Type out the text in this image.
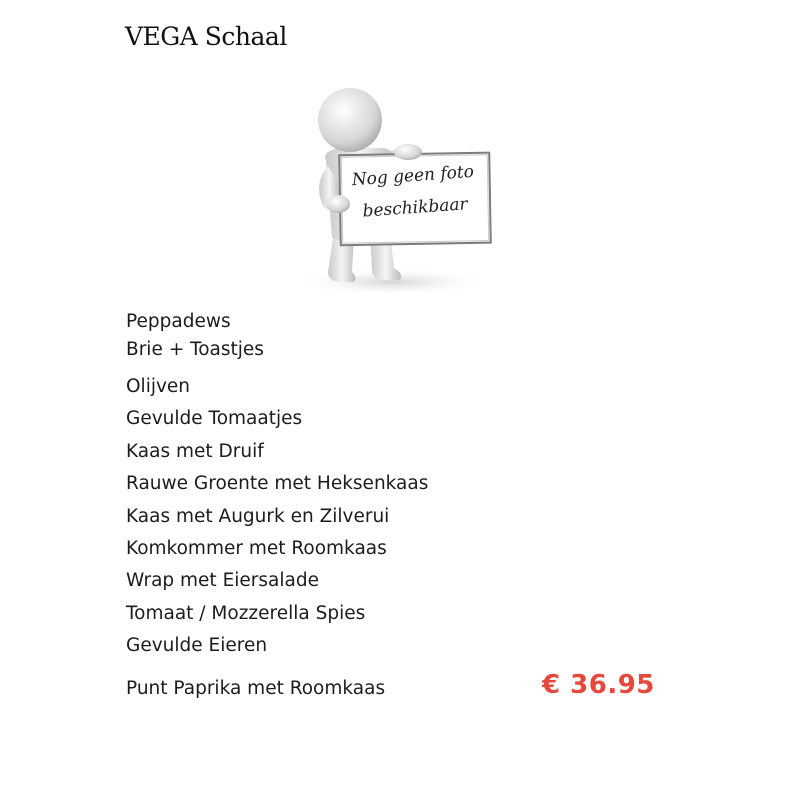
VEGA Schaal
Nog geen foto
beschikbaar
Peppadews
Brie + Toastjes
Olijven
Gevulde Tomaatjes
Kaas met Druif
Rauwe Groente met Heksenkaas
Kaas met Augurk en Zilverui
Komkommer met Roomkaas
Wrap met Eiersalade
Tomaat / Mozzerella Spies
Gevulde Eieren
Punt Paprika met Roomkaas	€ 36.95
